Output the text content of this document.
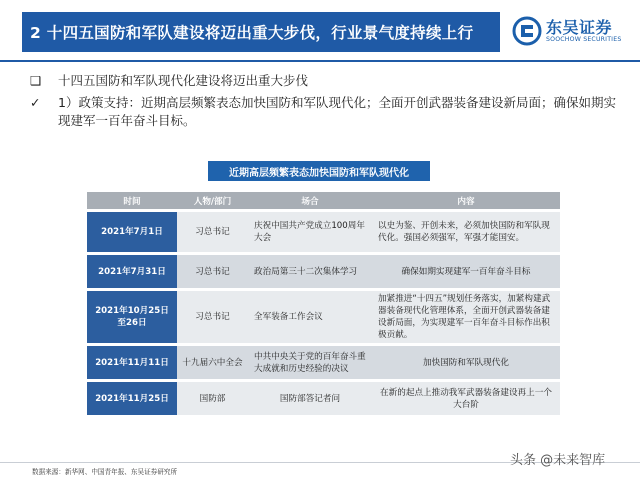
2 十四五国防和军队建设将迈出重大步伐，行业景气度持续上行	东吴证券
SOOCHOW SECURITIES
❑	十四五国防和军队现代化建设将迈出重大步伐
✓	1）政策支持：近期高层频繁表态加快国防和军队现代化；全面开创武器装备建设新局面；确保如期实现建军一百年奋斗目标。
近期高层频繁表态加快国防和军队现代化
时间	人物/部门	场合	内容
2021年7月1日	习总书记	庆祝中国共产党成立100周年大会	以史为鉴、开创未来，必须加快国防和军队现代化。强国必须强军，军强才能国安。
2021年7月31日	习总书记	政治局第三十二次集体学习	确保如期实现建军一百年奋斗目标
2021年10月25日至26日	习总书记	全军装备工作会议	加紧推进“十四五”规划任务落实，加紧构建武器装备现代化管理体系，全面开创武器装备建设新局面，为实现建军一百年奋斗目标作出积极贡献。
2021年11月11日	十九届六中全会	中共中央关于党的百年奋斗重大成就和历史经验的决议	加快国防和军队现代化
2021年11月25日	国防部	国防部答记者问	在新的起点上推动我军武器装备建设再上一个大台阶
数据来源：新华网、中国青年报、东吴证券研究所
头条 @未来智库
